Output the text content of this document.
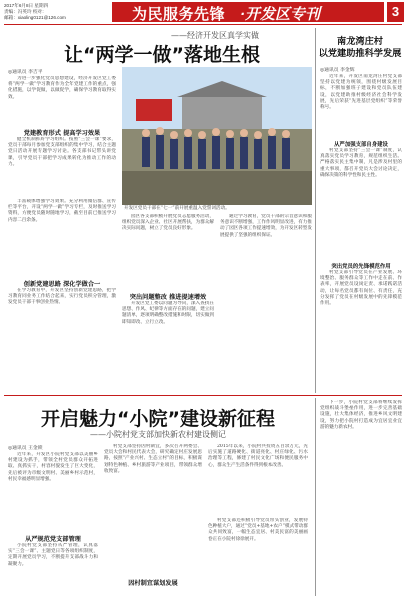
2017年6月8日 星期四
责编：冯英玲 校对：
邮箱：xiaoling0121@126.com	为民服务先锋 ·开发区专刊	3
——经济开发区真学实做
让“两学一做”落地生根
◎通讯员 李吉平

为进一步强化党员思想建设，经济开发区党工委将“两学一做”学习教育作为全年党建工作的重点，强化措施，以学促做，以做促学，确保学习教育取得实效。

党建教育形式 提高学习效果

健全机制抓好学习组织。按照“三会一课”要求，党员干部每月参加党支部组织的集中学习，结合主题党日活动开展专题学习讨论。各支部书记带头讲党课，引导党员干部把学习成果转化为推动工作的动力。

丰富载体增强学习效果。充分利用微信群、宣传栏等平台，开设“两学一做”学习专栏，及时推送学习资料，方便党员随时随地学习，截至目前已推送学习内容二百余条。

创新党建思路 深化学做合一

在学习教育中，开发区坚持创新党建思路，把学习教育同业务工作结合起来，实行党员积分管理，激发党员干部干事创业热情。

开发区党员干部在“七一”前开展重温入党誓词活动。

园区各支部积极开展党员志愿服务活动，组织党员深入企业、社区开展帮扶，为群众解决实际问题，树立了党员良好形象。

突出问题整改 推进提速增效

开发区党工委以问题为导向，深入查找在思想、作风、纪律等方面存在的问题，建立问题清单，逐项明确整改措施和时限，切实做到即知即改、立行立改。

通过学习教育，党员干部的宗旨意识和服务意识不断增强，工作作风明显改进，有力推动了园区各项工作提速增效，为开发区转型发展提供了坚强的组织保证。

南龙湾庄村
以党建助推科学发展
◎通讯员 李金辉

近年来，开发区南龙湾庄村党支部坚持以党建为统领，围绕村级发展目标，不断加强班子建设和党员队伍建设，以党建助推村级经济社会科学发展，先后荣获“先进基层党组织”等荣誉称号。

从严加强支部自身建设

村党支部坚持“三会一课”制度，认真落实党员学习教育，规范组织生活。严格落实民主集中制，凡是涉及村里的重大事项，都召开党员大会讨论决定，确保决策的科学性和民主性。

突出党员的先锋模范作用

村党支部引导党员在产业发展、环境整治、服务群众等工作中走在前、作表率，开展党员设岗定责、承诺践诺活动，让每名党员都有岗位、有责任，充分发挥了党员在村级发展中的先锋模范作用。

开启魅力“小院”建设新征程
——小院村党支部加快新农村建设侧记
◎通讯员 王金锁

近年来，开发区小院村党支部以美丽乡村建设为抓手，带领全村党员群众开拓进取、真抓实干，村容村貌发生了巨大变化，先后被评为市级文明村、美丽乡村示范村，村民幸福感明显增强。

从严规范党支部管理

小院村党支部坚持从严管理，认真落实“三会一课”、主题党日等各项组织制度，定期开展党员学习，不断提升支部战斗力和凝聚力。

村党支部坚持因村制宜，多次召开两委会、党员大会和村民代表大会，研究确定村庄发展思路，按照“产业兴村、生态立村”的目标，积极谋划特色种植、乡村旅游等产业项目，带领群众增收致富。

因村制宜谋划发展

2015年以来，小院村共投资五百余万元，先后实施了道路硬化、街道亮化、村庄绿化、污水治理等工程，修建了村民文化广场和便民服务中心，群众生产生活条件得到根本改善。

村党支部还积极引导党员带头创业，发展特色种植大户，通过“党员+基地+农户”模式带动群众共同致富，一幅生态宜居、村美民富的美丽画卷正在小院村徐徐展开。

下一步，小院村党支部将继续发挥党组织战斗堡垒作用，进一步完善基础设施，壮大集体经济，推进乡风文明建设，努力把小院村打造成为宜居宜业宜游的魅力新农村。
